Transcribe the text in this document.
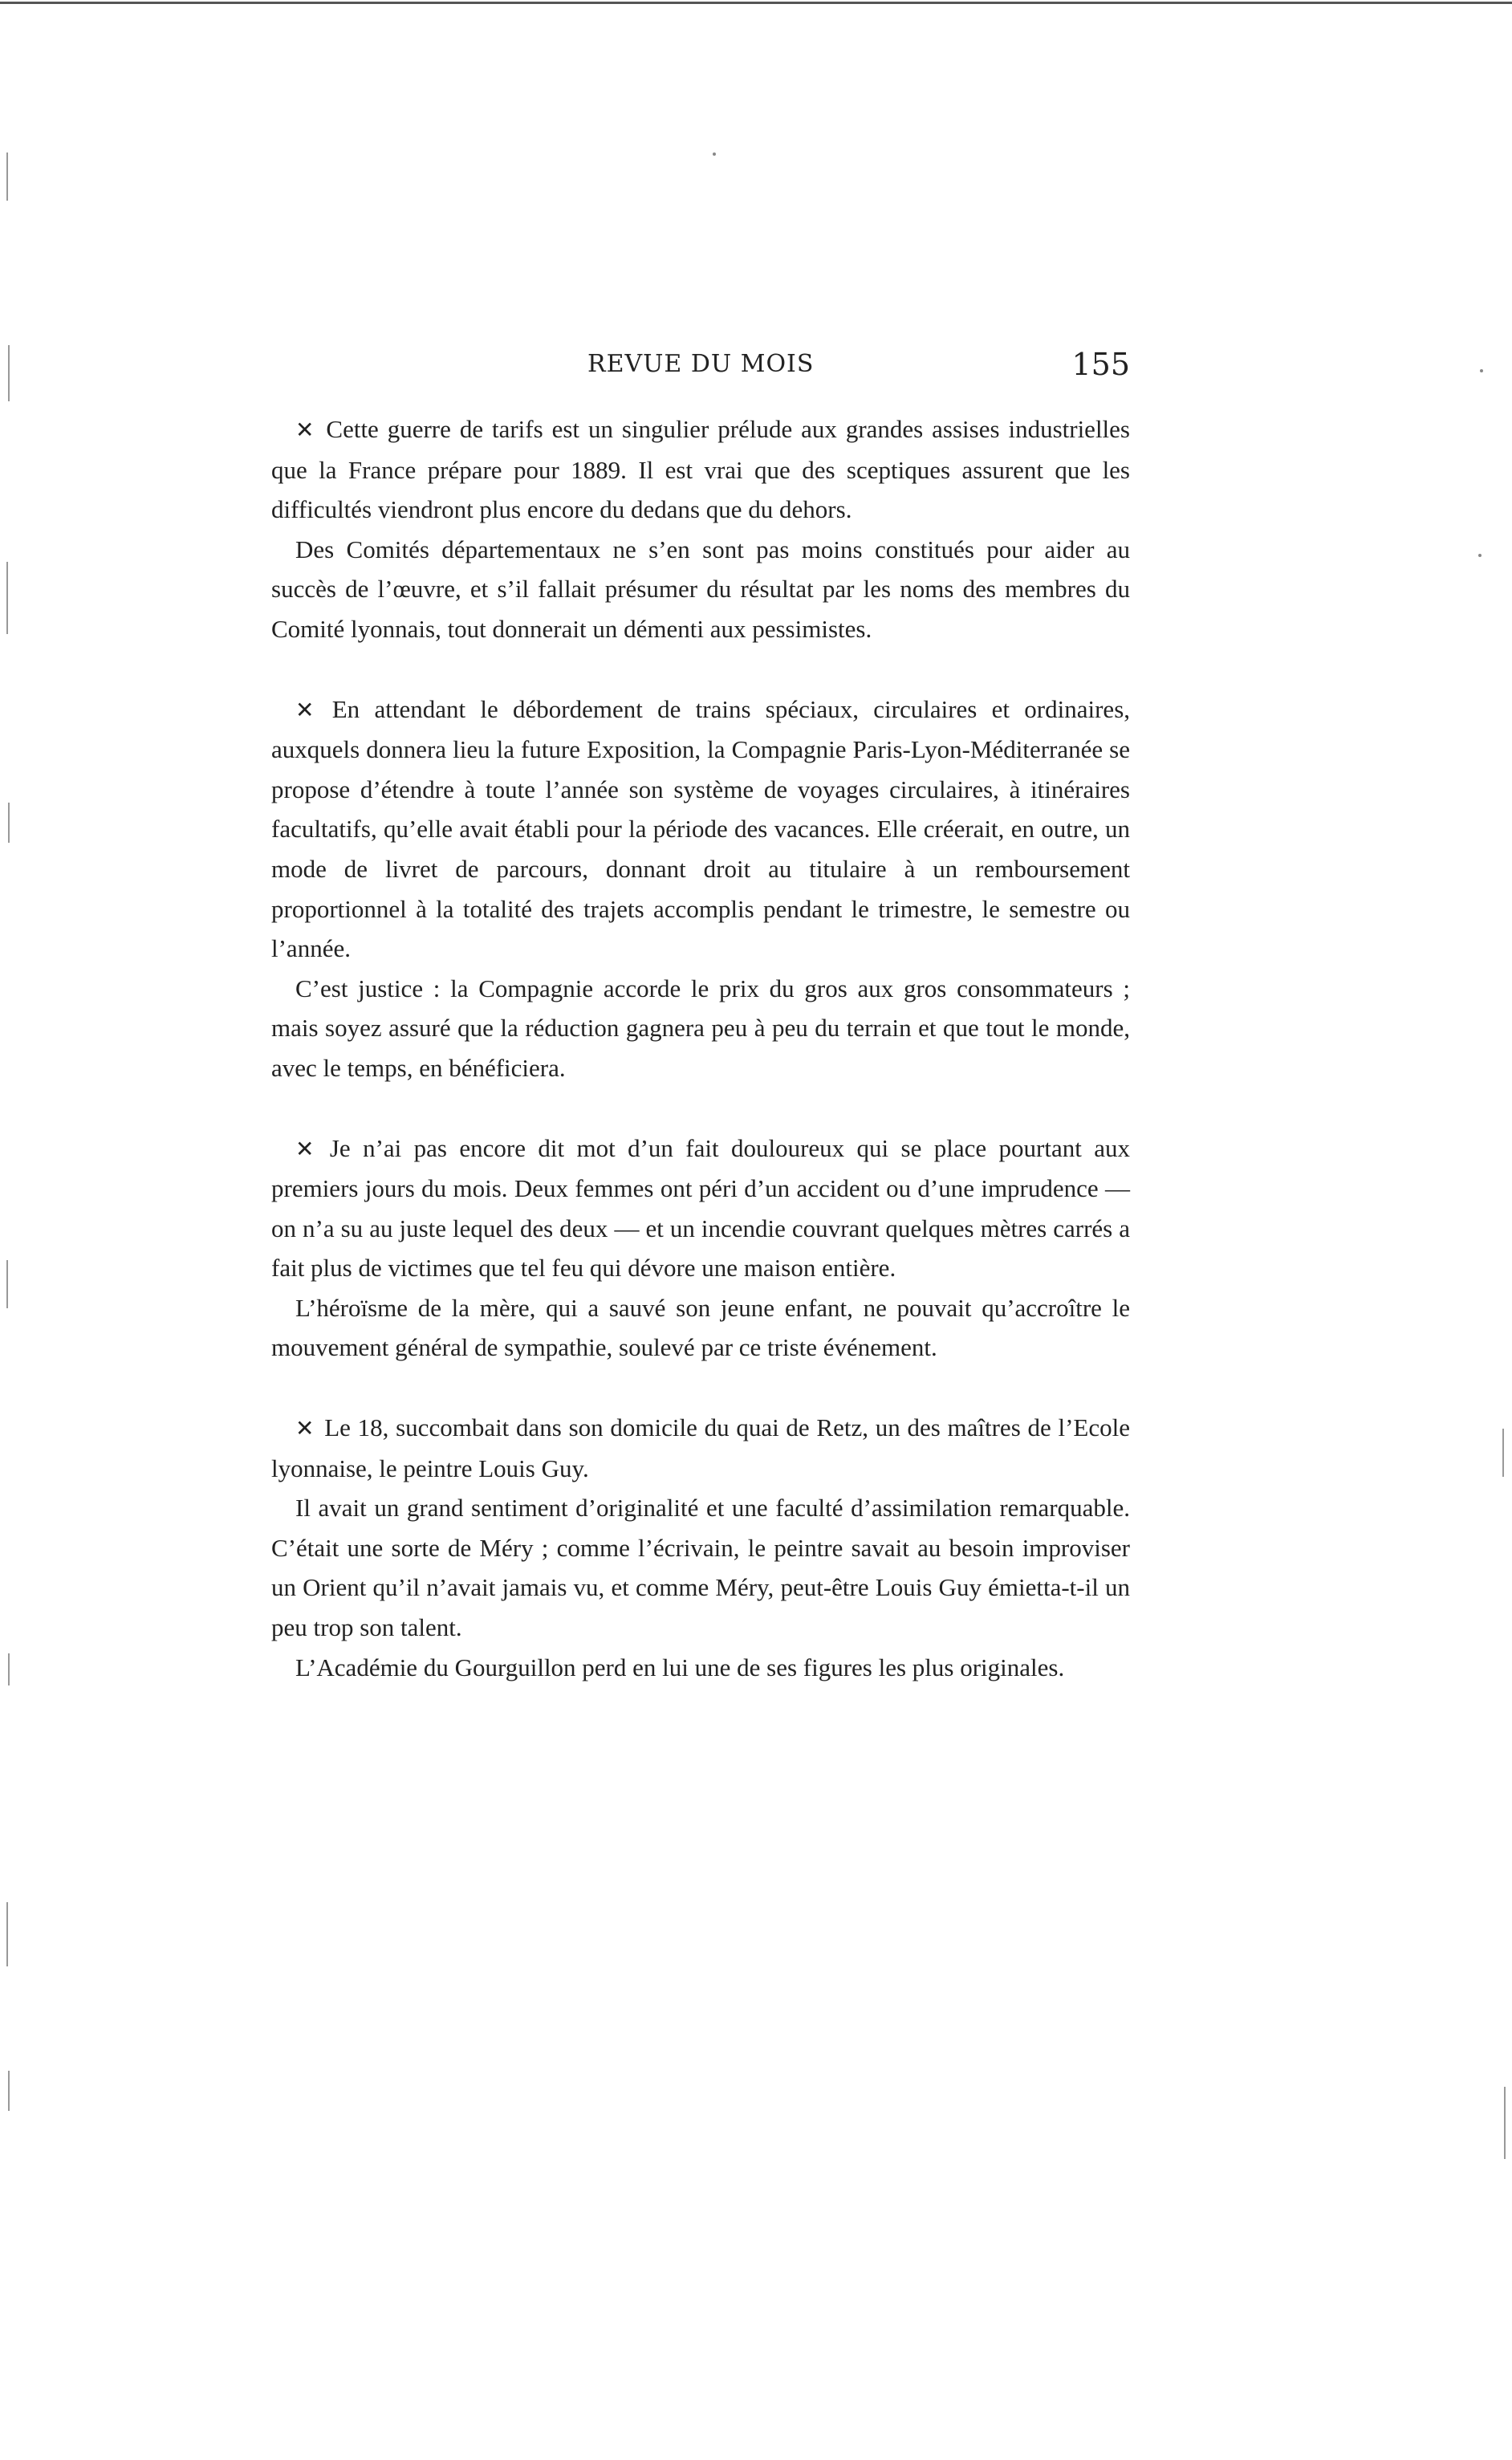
REVUE DU MOIS	155

✕ Cette guerre de tarifs est un singulier prélude aux grandes assises industrielles que la France prépare pour 1889. Il est vrai que des sceptiques assurent que les difficultés viendront plus encore du dedans que du dehors.

Des Comités départementaux ne s’en sont pas moins constitués pour aider au succès de l’œuvre, et s’il fallait présumer du résultat par les noms des membres du Comité lyonnais, tout donnerait un démenti aux pessimistes.

✕ En attendant le débordement de trains spéciaux, circulaires et ordinaires, auxquels donnera lieu la future Exposition, la Compagnie Paris-Lyon-Méditerranée se propose d’étendre à toute l’année son système de voyages circulaires, à itinéraires facultatifs, qu’elle avait établi pour la période des vacances. Elle créerait, en outre, un mode de livret de parcours, donnant droit au titulaire à un remboursement proportionnel à la totalité des trajets accomplis pendant le trimestre, le semestre ou l’année.

C’est justice : la Compagnie accorde le prix du gros aux gros consommateurs ; mais soyez assuré que la réduction gagnera peu à peu du terrain et que tout le monde, avec le temps, en bénéficiera.

✕ Je n’ai pas encore dit mot d’un fait douloureux qui se place pourtant aux premiers jours du mois. Deux femmes ont péri d’un accident ou d’une imprudence — on n’a su au juste lequel des deux — et un incendie couvrant quelques mètres carrés a fait plus de victimes que tel feu qui dévore une maison entière.

L’héroïsme de la mère, qui a sauvé son jeune enfant, ne pouvait qu’accroître le mouvement général de sympathie, soulevé par ce triste événement.

✕ Le 18, succombait dans son domicile du quai de Retz, un des maîtres de l’Ecole lyonnaise, le peintre Louis Guy.

Il avait un grand sentiment d’originalité et une faculté d’assimilation remarquable. C’était une sorte de Méry ; comme l’écrivain, le peintre savait au besoin improviser un Orient qu’il n’avait jamais vu, et comme Méry, peut-être Louis Guy émietta-t-il un peu trop son talent.

L’Académie du Gourguillon perd en lui une de ses figures les plus originales.
